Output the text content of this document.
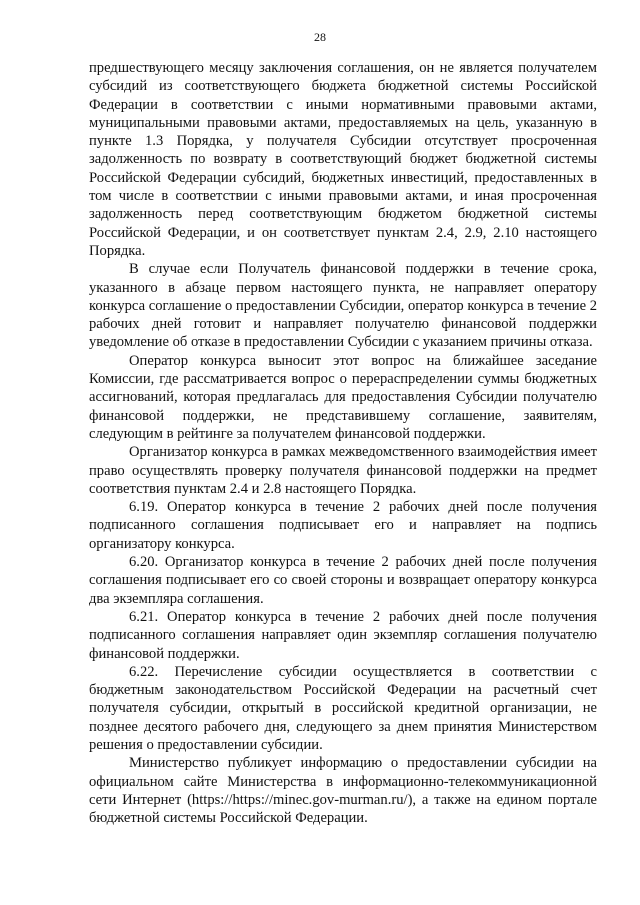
28

предшествующего месяцу заключения соглашения, он не является получателем субсидий из соответствующего бюджета бюджетной системы Российской Федерации в соответствии с иными нормативными правовыми актами, муниципальными правовыми актами, предоставляемых на цель, указанную в пункте 1.3 Порядка, у получателя Субсидии отсутствует просроченная задолженность по возврату в соответствующий бюджет бюджетной системы Российской Федерации субсидий, бюджетных инвестиций, предоставленных в том числе в соответствии с иными правовыми актами, и иная просроченная задолженность перед соответствующим бюджетом бюджетной системы Российской Федерации, и он соответствует пунктам 2.4, 2.9, 2.10 настоящего Порядка.

В случае если Получатель финансовой поддержки в течение срока, указанного в абзаце первом настоящего пункта, не направляет оператору конкурса соглашение о предоставлении Субсидии, оператор конкурса в течение 2 рабочих дней готовит и направляет получателю финансовой поддержки уведомление об отказе в предоставлении Субсидии с указанием причины отказа.

Оператор конкурса выносит этот вопрос на ближайшее заседание Комиссии, где рассматривается вопрос о перераспределении суммы бюджетных ассигнований, которая предлагалась для предоставления Субсидии получателю финансовой поддержки, не представившему соглашение, заявителям, следующим в рейтинге за получателем финансовой поддержки.

Организатор конкурса в рамках межведомственного взаимодействия имеет право осуществлять проверку получателя финансовой поддержки на предмет соответствия пунктам 2.4 и 2.8 настоящего Порядка.

6.19. Оператор конкурса в течение 2 рабочих дней после получения подписанного соглашения подписывает его и направляет на подпись организатору конкурса.

6.20. Организатор конкурса в течение 2 рабочих дней после получения соглашения подписывает его со своей стороны и возвращает оператору конкурса два экземпляра соглашения.

6.21. Оператор конкурса в течение 2 рабочих дней после получения подписанного соглашения направляет один экземпляр соглашения получателю финансовой поддержки.

6.22. Перечисление субсидии осуществляется в соответствии с бюджетным законодательством Российской Федерации на расчетный счет получателя субсидии, открытый в российской кредитной организации, не позднее десятого рабочего дня, следующего за днем принятия Министерством решения о предоставлении субсидии.

Министерство публикует информацию о предоставлении субсидии на официальном сайте Министерства в информационно-телекоммуникационной сети Интернет (https://https://minec.gov-murman.ru/), а также на едином портале бюджетной системы Российской Федерации.
